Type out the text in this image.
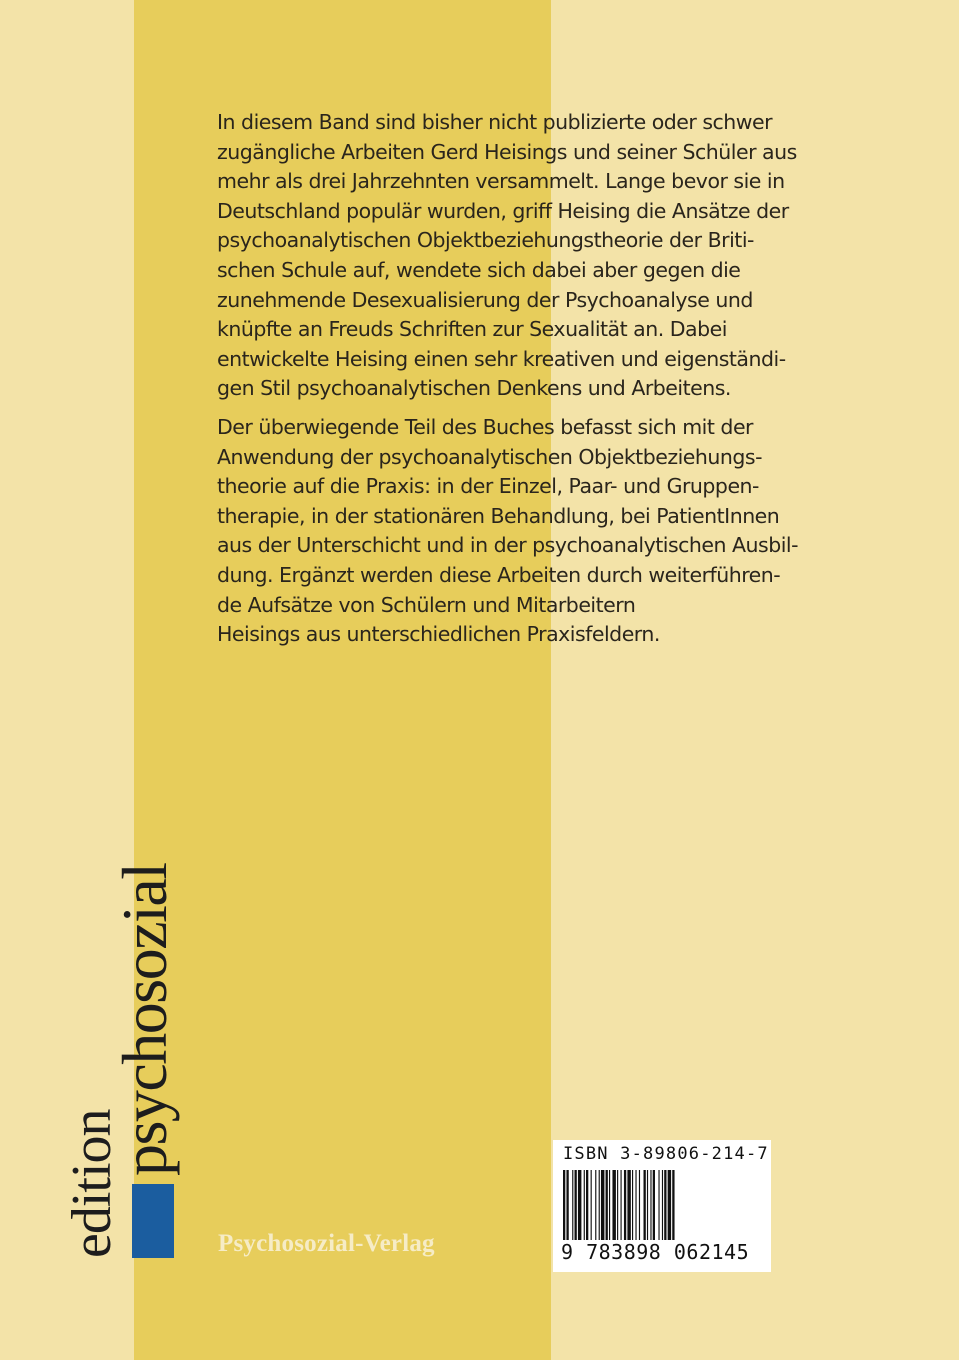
In diesem Band sind bisher nicht publizierte oder schwer

zugängliche Arbeiten Gerd Heisings und seiner Schüler aus

mehr als drei Jahrzehnten versammelt. Lange bevor sie in

Deutschland populär wurden, griff Heising die Ansätze der

psychoanalytischen Objektbeziehungstheorie der Briti-

schen Schule auf, wendete sich dabei aber gegen die

zunehmende Desexualisierung der Psychoanalyse und

knüpfte an Freuds Schriften zur Sexualität an. Dabei

entwickelte Heising einen sehr kreativen und eigenständi-

gen Stil psychoanalytischen Denkens und Arbeitens.

Der überwiegende Teil des Buches befasst sich mit der

Anwendung der psychoanalytischen Objektbeziehungs-

theorie auf die Praxis: in der Einzel, Paar- und Gruppen-

therapie, in der stationären Behandlung, bei PatientInnen

aus der Unterschicht und in der psychoanalytischen Ausbil-

dung. Ergänzt werden diese Arbeiten durch weiterführen-

de Aufsätze von Schülern und Mitarbeitern

Heisings aus unterschiedlichen Praxisfeldern.

edition
psychosozial
Psychosozial-Verlag
ISBN 3-89806-214-7
9 783898 062145
